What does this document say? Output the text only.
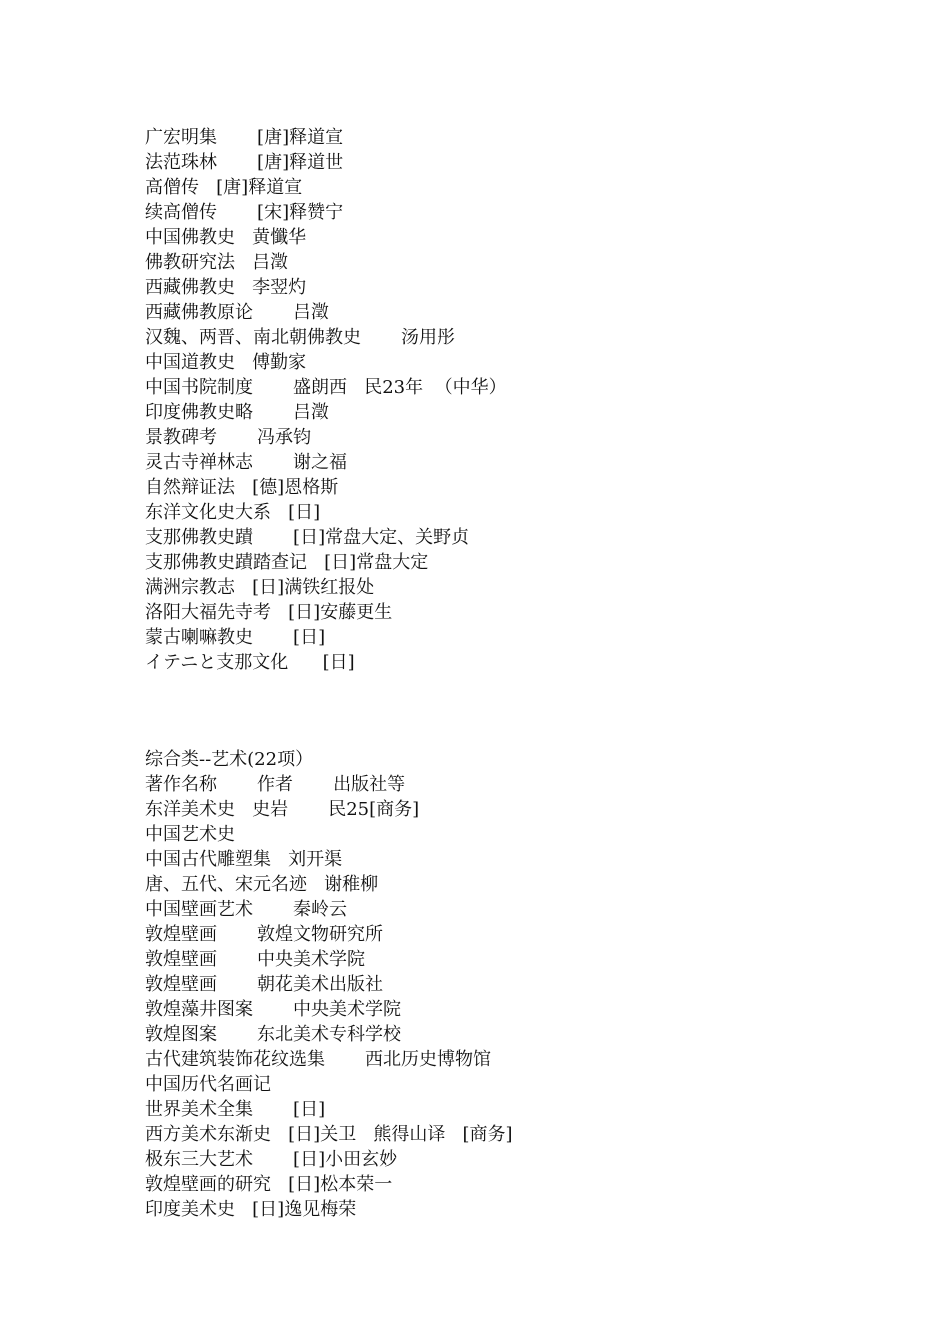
广宏明集       [唐]释道宣
法范珠林       [唐]释道世
高僧传   [唐]释道宣
续高僧传       [宋]释赞宁
中国佛教史   黄懺华
佛教研究法   吕澂
西藏佛教史   李翌灼
西藏佛教原论       吕澂
汉魏、两晋、南北朝佛教史       汤用彤
中国道教史   傅勤家
中国书院制度       盛朗西   民23年  （中华）
印度佛教史略       吕澂
景教碑考       冯承钧
灵古寺禅林志       谢之福
自然辩证法   [德]恩格斯
东洋文化史大系   [日]
支那佛教史蹟       [日]常盘大定、关野贞
支那佛教史蹟踏查记   [日]常盘大定
满洲宗教志   [日]满铁红报处
洛阳大福先寺考   [日]安藤更生
蒙古喇嘛教史       [日]
イテニと支那文化      [日]
综合类--艺术(22项）
著作名称       作者       出版社等
东洋美术史   史岩       民25[商务]
中国艺术史
中国古代雕塑集   刘开渠
唐、五代、宋元名迹   谢稚柳
中国壁画艺术       秦岭云
敦煌壁画       敦煌文物研究所
敦煌壁画       中央美术学院
敦煌壁画       朝花美术出版社
敦煌藻井图案       中央美术学院
敦煌图案       东北美术专科学校
古代建筑装饰花纹选集       西北历史博物馆
中国历代名画记
世界美术全集       [日]
西方美术东渐史   [日]关卫   熊得山译   [商务]
极东三大艺术       [日]小田玄妙
敦煌壁画的研究   [日]松本荣一
印度美术史   [日]逸见梅荣
